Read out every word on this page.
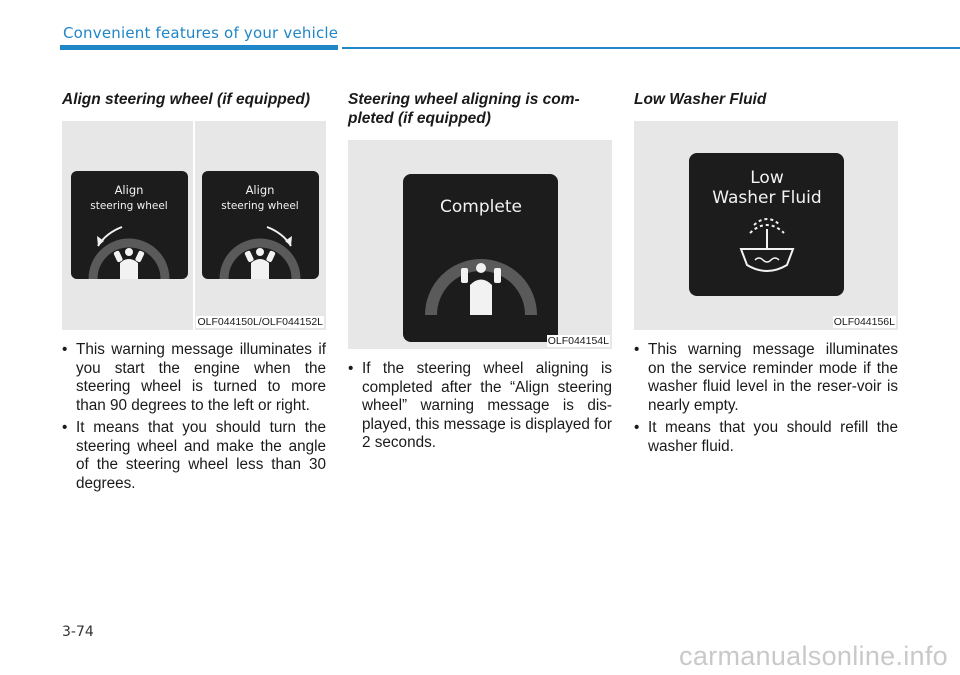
Convenient features of your vehicle
Align steering wheel (if equipped)
Align
steering wheel
Align
steering wheel
OLF044150L/OLF044152L
• This warning message illuminates if you start the engine when the steering wheel is turned to more than 90 degrees to the left or right.
• It means that you should turn the steering wheel and make the angle of the steering wheel less than 30 degrees.
Steering wheel aligning is com-pleted (if equipped)
Complete
OLF044154L
• If the steering wheel aligning is completed after the “Align steering wheel” warning message is dis-played, this message is displayed for 2 seconds.
Low Washer Fluid
Low
Washer Fluid
OLF044156L
• This warning message illuminates on the service reminder mode if the washer fluid level in the reser-voir is nearly empty.
• It means that you should refill the washer fluid.
3-74
carmanualsonline.info
